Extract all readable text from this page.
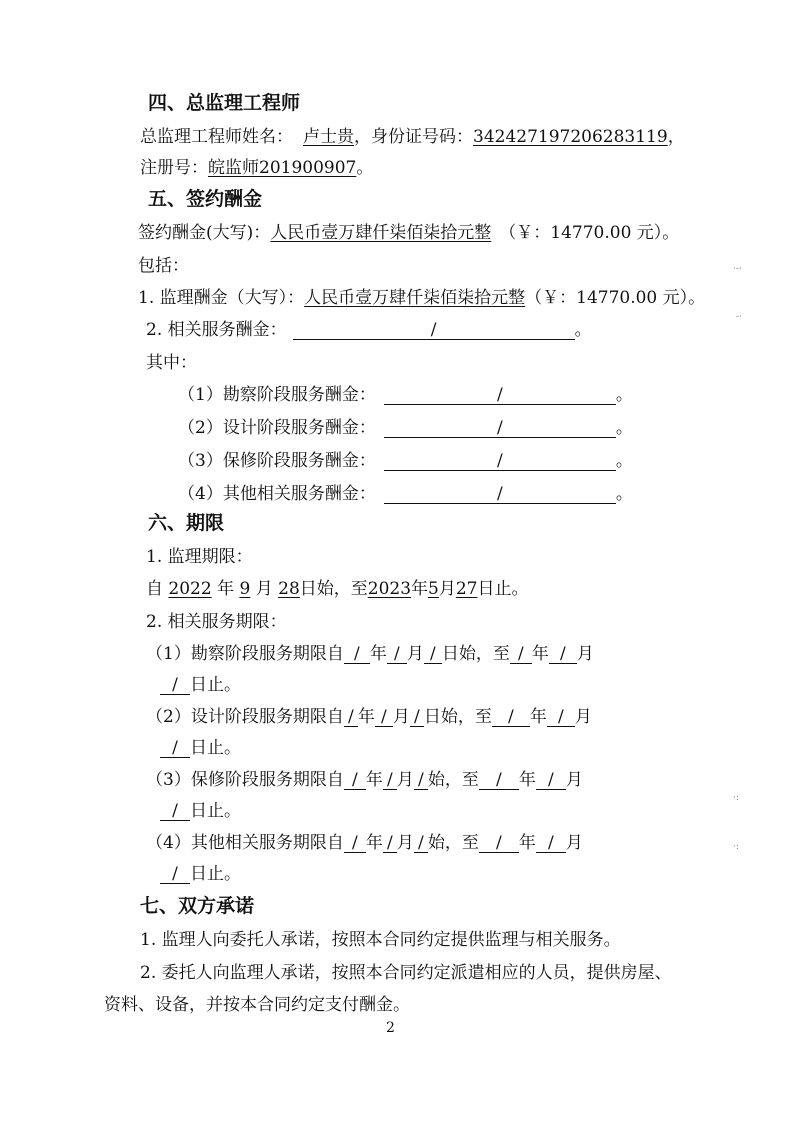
四、总监理工程师
总监理工程师姓名： 卢士贵，身份证号码：342427197206283119，
注册号：皖监师201900907。
五、签约酬金
签约酬金(大写)：人民币壹万肆仟柒佰柒拾元整 （￥：14770.00 元）。
包括：
1. 监理酬金（大写）：人民币壹万肆仟柒佰柒拾元整（￥：14770.00 元）。
2. 相关服务酬金：	/	。
其中：
（1）勘察阶段服务酬金：	/	。
（2）设计阶段服务酬金：	/	。
（3）保修阶段服务酬金：	/	。
（4）其他相关服务酬金：	/	。
六、期限
1. 监理期限：
自 2022 年 9 月 28日始，至2023年5月27日止。
2. 相关服务期限：
（1）勘察阶段服务期限自 / 年 / 月 / 日始，至 / 年 / 月
/ 日止。
（2）设计阶段服务期限自 / 年 / 月 / 日始，至 / 年 / 月
/ 日止。
（3）保修阶段服务期限自 / 年 / 月 / 始，至 / 年 / 月
/ 日止。
（4）其他相关服务期限自 / 年 / 月 / 始，至 / 年 / 月
/ 日止。
七、双方承诺
1. 监理人向委托人承诺，按照本合同约定提供监理与相关服务。
2. 委托人向监理人承诺，按照本合同约定派遣相应的人员，提供房屋、
资料、设备，并按本合同约定支付酬金。
2
·-·
-·
·:
·:
